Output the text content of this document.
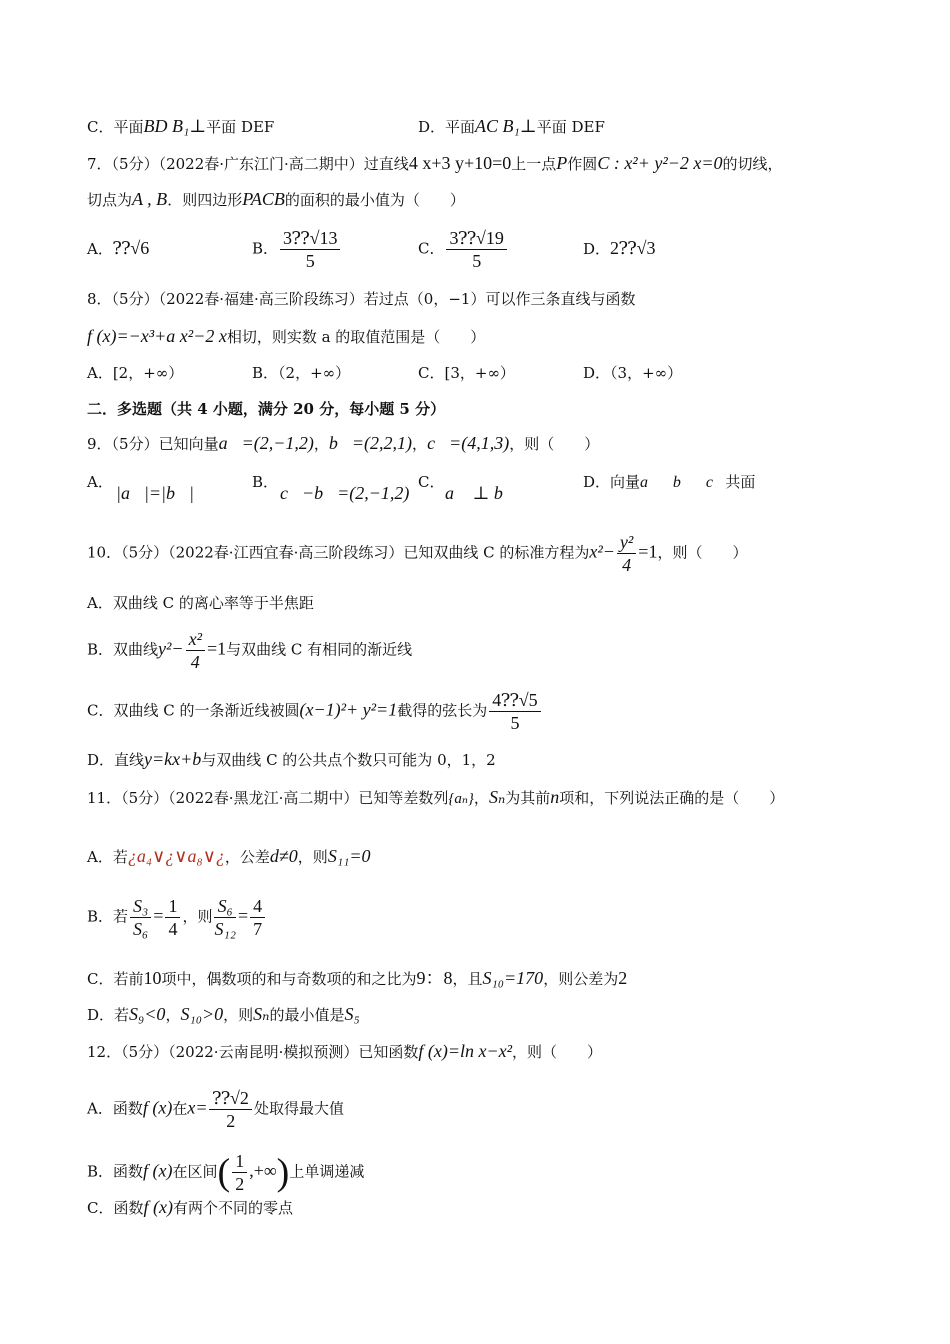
C．平面BD B₁⊥平面 DEF	D．平面AC B₁⊥平面 DEF
7．（5分）（2022春·广东江门·高二期中）过直线4 x+3 y+10=0上一点P作圆C : x²+ y²−2 x=0的切线，
切点为A , B．则四边形PACB的面积的最小值为（　　）
A．⁇√6	B． $\frac{3⁇√13}{5}$	C． $\frac{3⁇√19}{5}$	D．2⁇√3
8．（5分）（2022春·福建·高三阶段练习）若过点（0，−1）可以作三条直线与函数
f (x)=−x³+a x²−2 x相切，则实数 a 的取值范围是（　　）
A．[2，+∞）	B．（2，+∞）	C．[3，+∞）	D．（3，+∞）
二．多选题（共 4 小题，满分 20 分，每小题 5 分）
9．（5分）已知向量a⃗=(2,−1,2)，b⃗=(2,2,1)，c⃗=(4,1,3)，则（　　）
A．
|a⃗|=|b⃗|
B．
c⃗−b⃗=(2,−1,2)
C．
a⃗ ⊥ b⃗
D．向量a⃗，b⃗，c⃗共面
10．（5分）（2022春·江西宜春·高三阶段练习）已知双曲线 C 的标准方程为$x^2- \frac{\text{y²}}{4} =1$，则（　　）
A．双曲线 C 的离心率等于半焦距
B．双曲线$y^2- \frac{\text{x²}}{4} =1$与双曲线 C 有相同的渐近线
C．双曲线 C 的一条渐近线被圆(x−1)²+ y²=1截得的弦长为 $\frac{4⁇√5}{5}$
D．直线y=kx+b与双曲线 C 的公共点个数只可能为 0，1，2
11．（5分）（2022春·黑龙江·高二期中）已知等差数列{aₙ}，Sₙ为其前n项和，下列说法正确的是（　　）
A．若¿a₄∨¿∨a₈∨¿，公差d≠0，则S₁₁=0
B．若 $\frac{\text{S₃}}{\text{S₆}} = \frac{1}{4}$ ，则 $\frac{\text{S₆}}{\text{S₁₂}} = \frac{4}{7}$
C．若前10项中，偶数项的和与奇数项的和之比为9：8，且S₁₀=170，则公差为2
D．若S₉<0，S₁₀>0，则Sₙ的最小值是S₅
12．（5分）（2022·云南昆明·模拟预测）已知函数f (x)=ln x−x²，则（　　）
A．函数f (x)在$x= \frac{⁇√2}{2}$ 处取得最大值
B．函数f (x)在区间( $\frac{1}{2}$ ,+∞)上单调递减
C．函数f (x)有两个不同的零点
